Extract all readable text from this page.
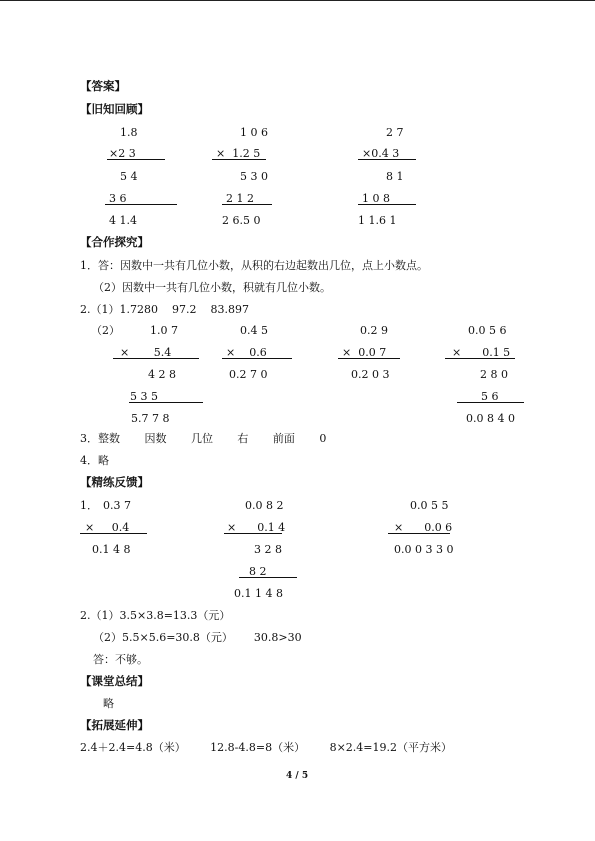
【答案】
【旧知回顾】
1.8
×2 3
5 4
3 6
4 1.4
1 0 6
×  1.2 5
5 3 0
2 1 2
2 6.5 0
2 7
×0.4 3
8 1
1 0 8
1 1.6 1
【合作探究】
1．答：因数中一共有几位小数，从积的右边起数出几位，点上小数点。
（2）因数中一共有几位小数，积就有几位小数。
2.（1）1.7280    97.2    83.897
（2）	1.0 7
×       5.4
4 2 8
5 3 5
5.7 7 8
0.4 5
×    0.6
0.2 7 0
0.2 9
×  0.0 7
0.2 0 3
0.0 5 6
×      0.1 5
2 8 0
5 6
0.0 8 4 0
3．整数       因数       几位       右       前面       0
4．略
【精练反馈】
1． 0.3 7
×     0.4
0.1 4 8
0.0 8 2
×      0.1 4
3 2 8
8 2
0.1 1 4 8
0.0 5 5
×      0.0 6
0.0 0 3 3 0
2.（1）3.5×3.8=13.3（元）
（2）5.5×5.6=30.8（元）      30.8>30
答：不够。
【课堂总结】
略
【拓展延伸】
2.4＋2.4=4.8（米）       12.8-4.8=8（米）       8×2.4=19.2（平方米）
4 / 5
